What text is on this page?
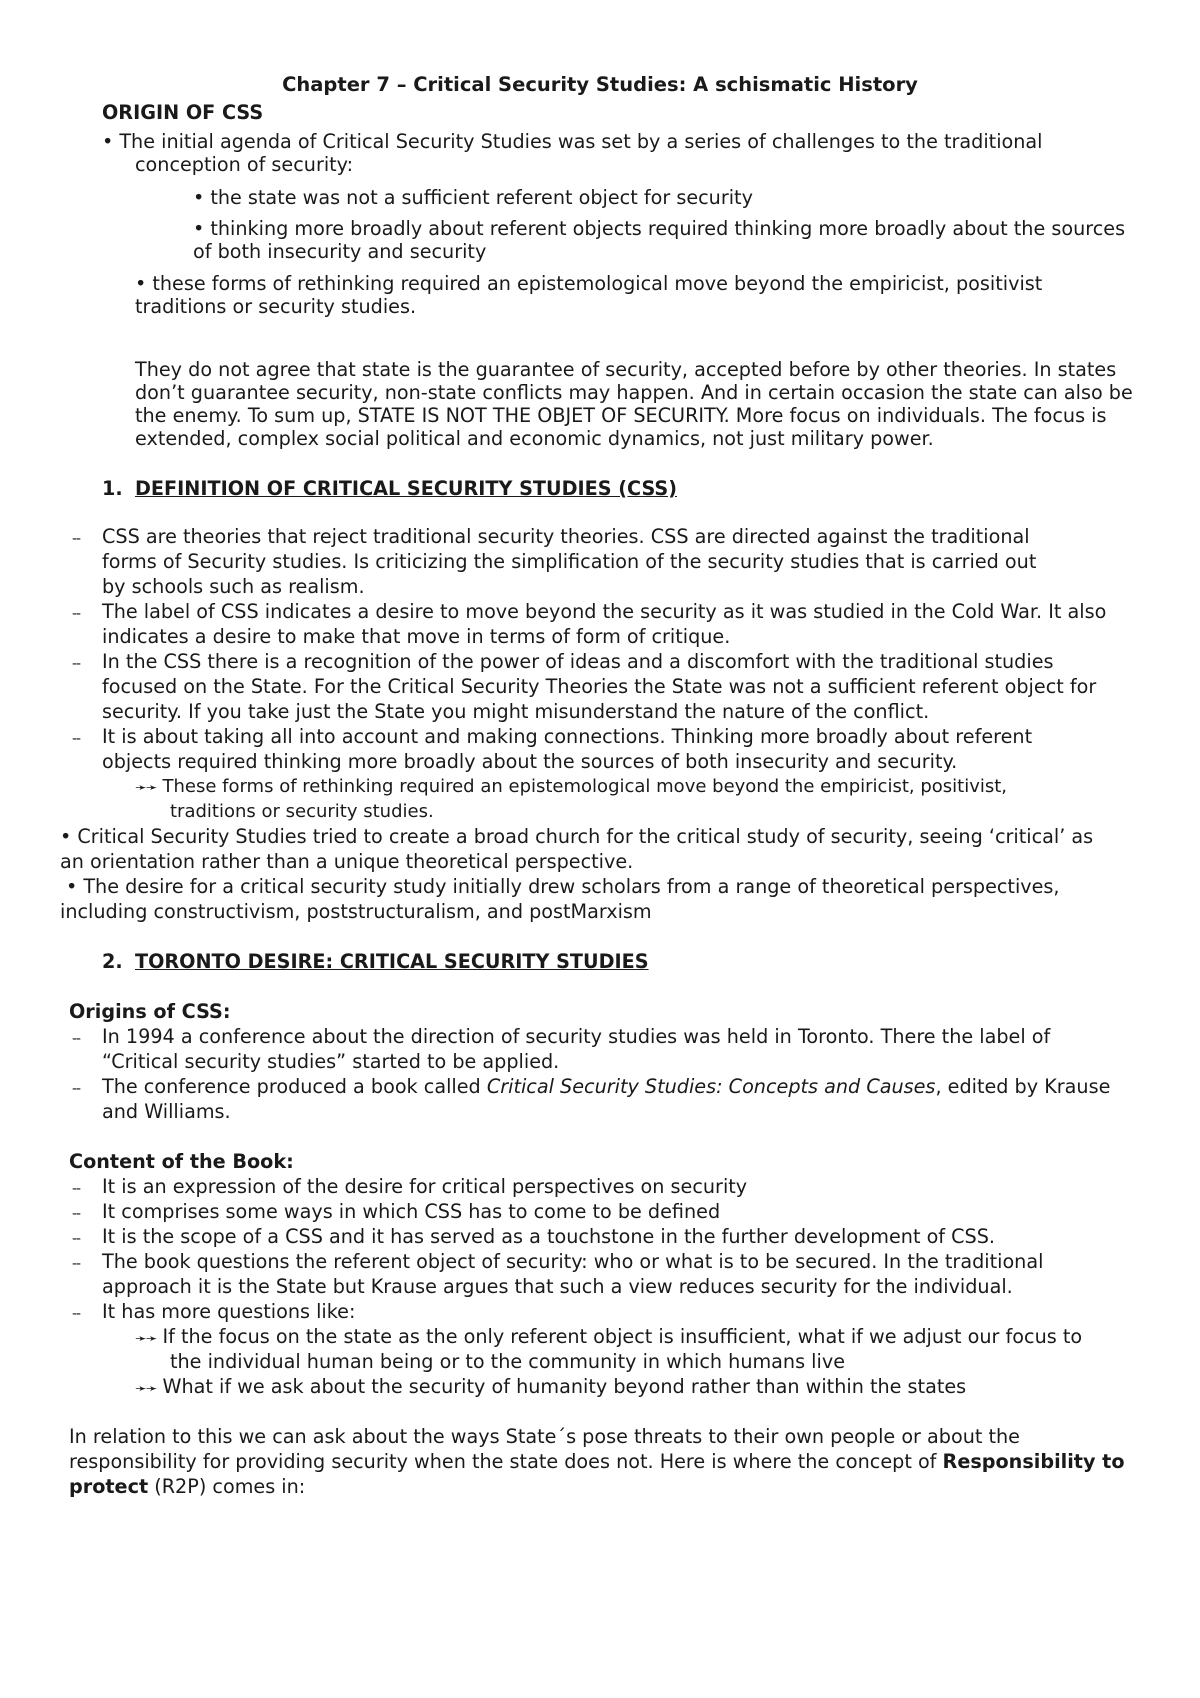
Chapter 7 – Critical Security Studies: A schismatic History
ORIGIN OF CSS
• The initial agenda of Critical Security Studies was set by a series of challenges to the traditional
conception of security:
• the state was not a sufficient referent object for security
• thinking more broadly about referent objects required thinking more broadly about the sources
of both insecurity and security
• these forms of rethinking required an epistemological move beyond the empiricist, positivist
traditions or security studies.
They do not agree that state is the guarantee of security, accepted before by other theories. In states
don’t guarantee security, non-state conflicts may happen. And in certain occasion the state can also be
the enemy. To sum up, STATE IS NOT THE OBJET OF SECURITY. More focus on individuals. The focus is
extended, complex social political and economic dynamics, not just military power.
1. DEFINITION OF CRITICAL SECURITY STUDIES (CSS)
‐‐ CSS are theories that reject traditional security theories. CSS are directed against the traditional
forms of Security studies. Is criticizing the simplification of the security studies that is carried out
by schools such as realism.
‐‐ The label of CSS indicates a desire to move beyond the security as it was studied in the Cold War. It also
indicates a desire to make that move in terms of form of critique.
‐‐ In the CSS there is a recognition of the power of ideas and a discomfort with the traditional studies
focused on the State. For the Critical Security Theories the State was not a sufficient referent object for
security. If you take just the State you might misunderstand the nature of the conflict.
‐‐ It is about taking all into account and making connections. Thinking more broadly about referent
objects required thinking more broadly about the sources of both insecurity and security.
➛➛ These forms of rethinking required an epistemological move beyond the empiricist, positivist,
traditions or security studies.
• Critical Security Studies tried to create a broad church for the critical study of security, seeing ‘critical’ as
an orientation rather than a unique theoretical perspective.
• The desire for a critical security study initially drew scholars from a range of theoretical perspectives,
including constructivism, poststructuralism, and postMarxism
2. TORONTO DESIRE: CRITICAL SECURITY STUDIES
Origins of CSS:
‐‐ In 1994 a conference about the direction of security studies was held in Toronto. There the label of
“Critical security studies” started to be applied.
‐‐ The conference produced a book called Critical Security Studies: Concepts and Causes, edited by Krause
and Williams.
Content of the Book:
‐‐ It is an expression of the desire for critical perspectives on security
‐‐ It comprises some ways in which CSS has to come to be defined
‐‐ It is the scope of a CSS and it has served as a touchstone in the further development of CSS.
‐‐ The book questions the referent object of security: who or what is to be secured. In the traditional
approach it is the State but Krause argues that such a view reduces security for the individual.
‐‐ It has more questions like:
➛➛ If the focus on the state as the only referent object is insufficient, what if we adjust our focus to
the individual human being or to the community in which humans live
➛➛ What if we ask about the security of humanity beyond rather than within the states
In relation to this we can ask about the ways State´s pose threats to their own people or about the
responsibility for providing security when the state does not. Here is where the concept of Responsibility to
protect (R2P) comes in:
